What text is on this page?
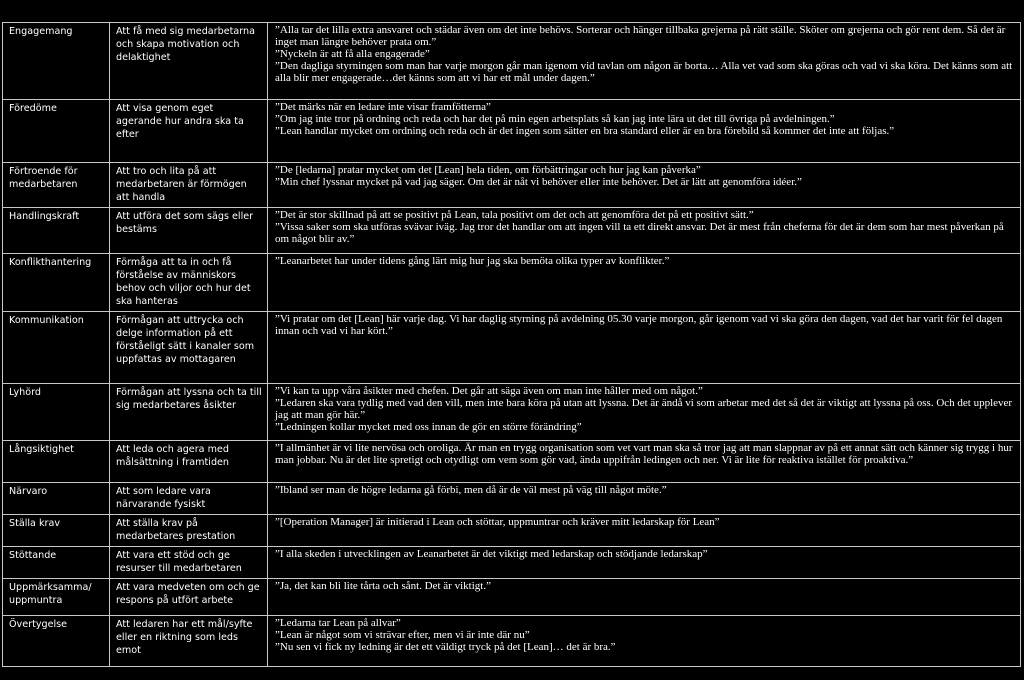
Engagemang	Att få med sig medarbetarna och skapa motivation och delaktighet	”Alla tar det lilla extra ansvaret och städar även om det inte behövs. Sorterar och hänger tillbaka grejerna på rätt ställe. Sköter om grejerna och gör rent dem. Så det är inget man längre behöver prata om.”
”Nyckeln är att få alla engagerade”
”Den dagliga styrningen som man har varje morgon går man igenom vid tavlan om någon är borta… Alla vet vad som ska göras och vad vi ska köra. Det känns som att alla blir mer engagerade…det känns som att vi har ett mål under dagen.”

Föredöme	Att visa genom eget agerande hur andra ska ta efter	”Det märks när en ledare inte visar framfötterna”
”Om jag inte tror på ordning och reda och har det på min egen arbetsplats så kan jag inte lära ut det till övriga på avdelningen.”
”Lean handlar mycket om ordning och reda och är det ingen som sätter en bra standard eller är en bra förebild så kommer det inte att följas.”

Förtroende för medarbetaren	Att tro och lita på att medarbetaren är förmögen att handla	”De [ledarna] pratar mycket om det [Lean] hela tiden, om förbättringar och hur jag kan påverka”
”Min chef lyssnar mycket på vad jag säger. Om det är nåt vi behöver eller inte behöver. Det är lätt att genomföra idéer.”

Handlingskraft	Att utföra det som sägs eller bestäms	”Det är stor skillnad på att se positivt på Lean, tala positivt om det och att genomföra det på ett positivt sätt.”
”Vissa saker som ska utföras svävar iväg. Jag tror det handlar om att ingen vill ta ett direkt ansvar. Det är mest från cheferna för det är dem som har mest påverkan på om något blir av.”

Konflikthantering	Förmåga att ta in och få förståelse av människors behov och viljor och hur det ska hanteras	”Leanarbetet har under tidens gång lärt mig hur jag ska bemöta olika typer av konflikter.”

Kommunikation	Förmågan att uttrycka och delge information på ett förståeligt sätt i kanaler som uppfattas av mottagaren	”Vi pratar om det [Lean] här varje dag. Vi har daglig styrning på avdelning 05.30 varje morgon, går igenom vad vi ska göra den dagen, vad det har varit för fel dagen innan och vad vi har kört.”

Lyhörd	Förmågan att lyssna och ta till sig medarbetares åsikter	”Vi kan ta upp våra åsikter med chefen. Det går att säga även om man inte håller med om något.”
”Ledaren ska vara tydlig med vad den vill, men inte bara köra på utan att lyssna. Det är ändå vi som arbetar med det så det är viktigt att lyssna på oss. Och det upplever jag att man gör här.”
”Ledningen kollar mycket med oss innan de gör en större förändring”

Långsiktighet	Att leda och agera med målsättning i framtiden	”I allmänhet är vi lite nervösa och oroliga. Är man en trygg organisation som vet vart man ska så tror jag att man slappnar av på ett annat sätt och känner sig trygg i hur man jobbar. Nu är det lite spretigt och otydligt om vem som gör vad, ända uppifrån ledingen och ner. Vi är lite för reaktiva istället för proaktiva.”

Närvaro	Att som ledare vara närvarande fysiskt	”Ibland ser man de högre ledarna gå förbi, men då är de väl mest på väg till något möte.”

Ställa krav	Att ställa krav på medarbetares prestation	”[Operation Manager] är initierad i Lean och stöttar, uppmuntrar och kräver mitt ledarskap för Lean”

Stöttande	Att vara ett stöd och ge resurser till medarbetaren	”I alla skeden i utvecklingen av Leanarbetet är det viktigt med ledarskap och stödjande ledarskap”

Uppmärksamma/ uppmuntra	Att vara medveten om och ge respons på utfört arbete	”Ja, det kan bli lite tårta och sånt. Det är viktigt.”

Övertygelse	Att ledaren har ett mål/syfte eller en riktning som leds emot	”Ledarna tar Lean på allvar”
”Lean är något som vi strävar efter, men vi är inte där nu”
”Nu sen vi fick ny ledning är det ett väldigt tryck på det [Lean]… det är bra.”
